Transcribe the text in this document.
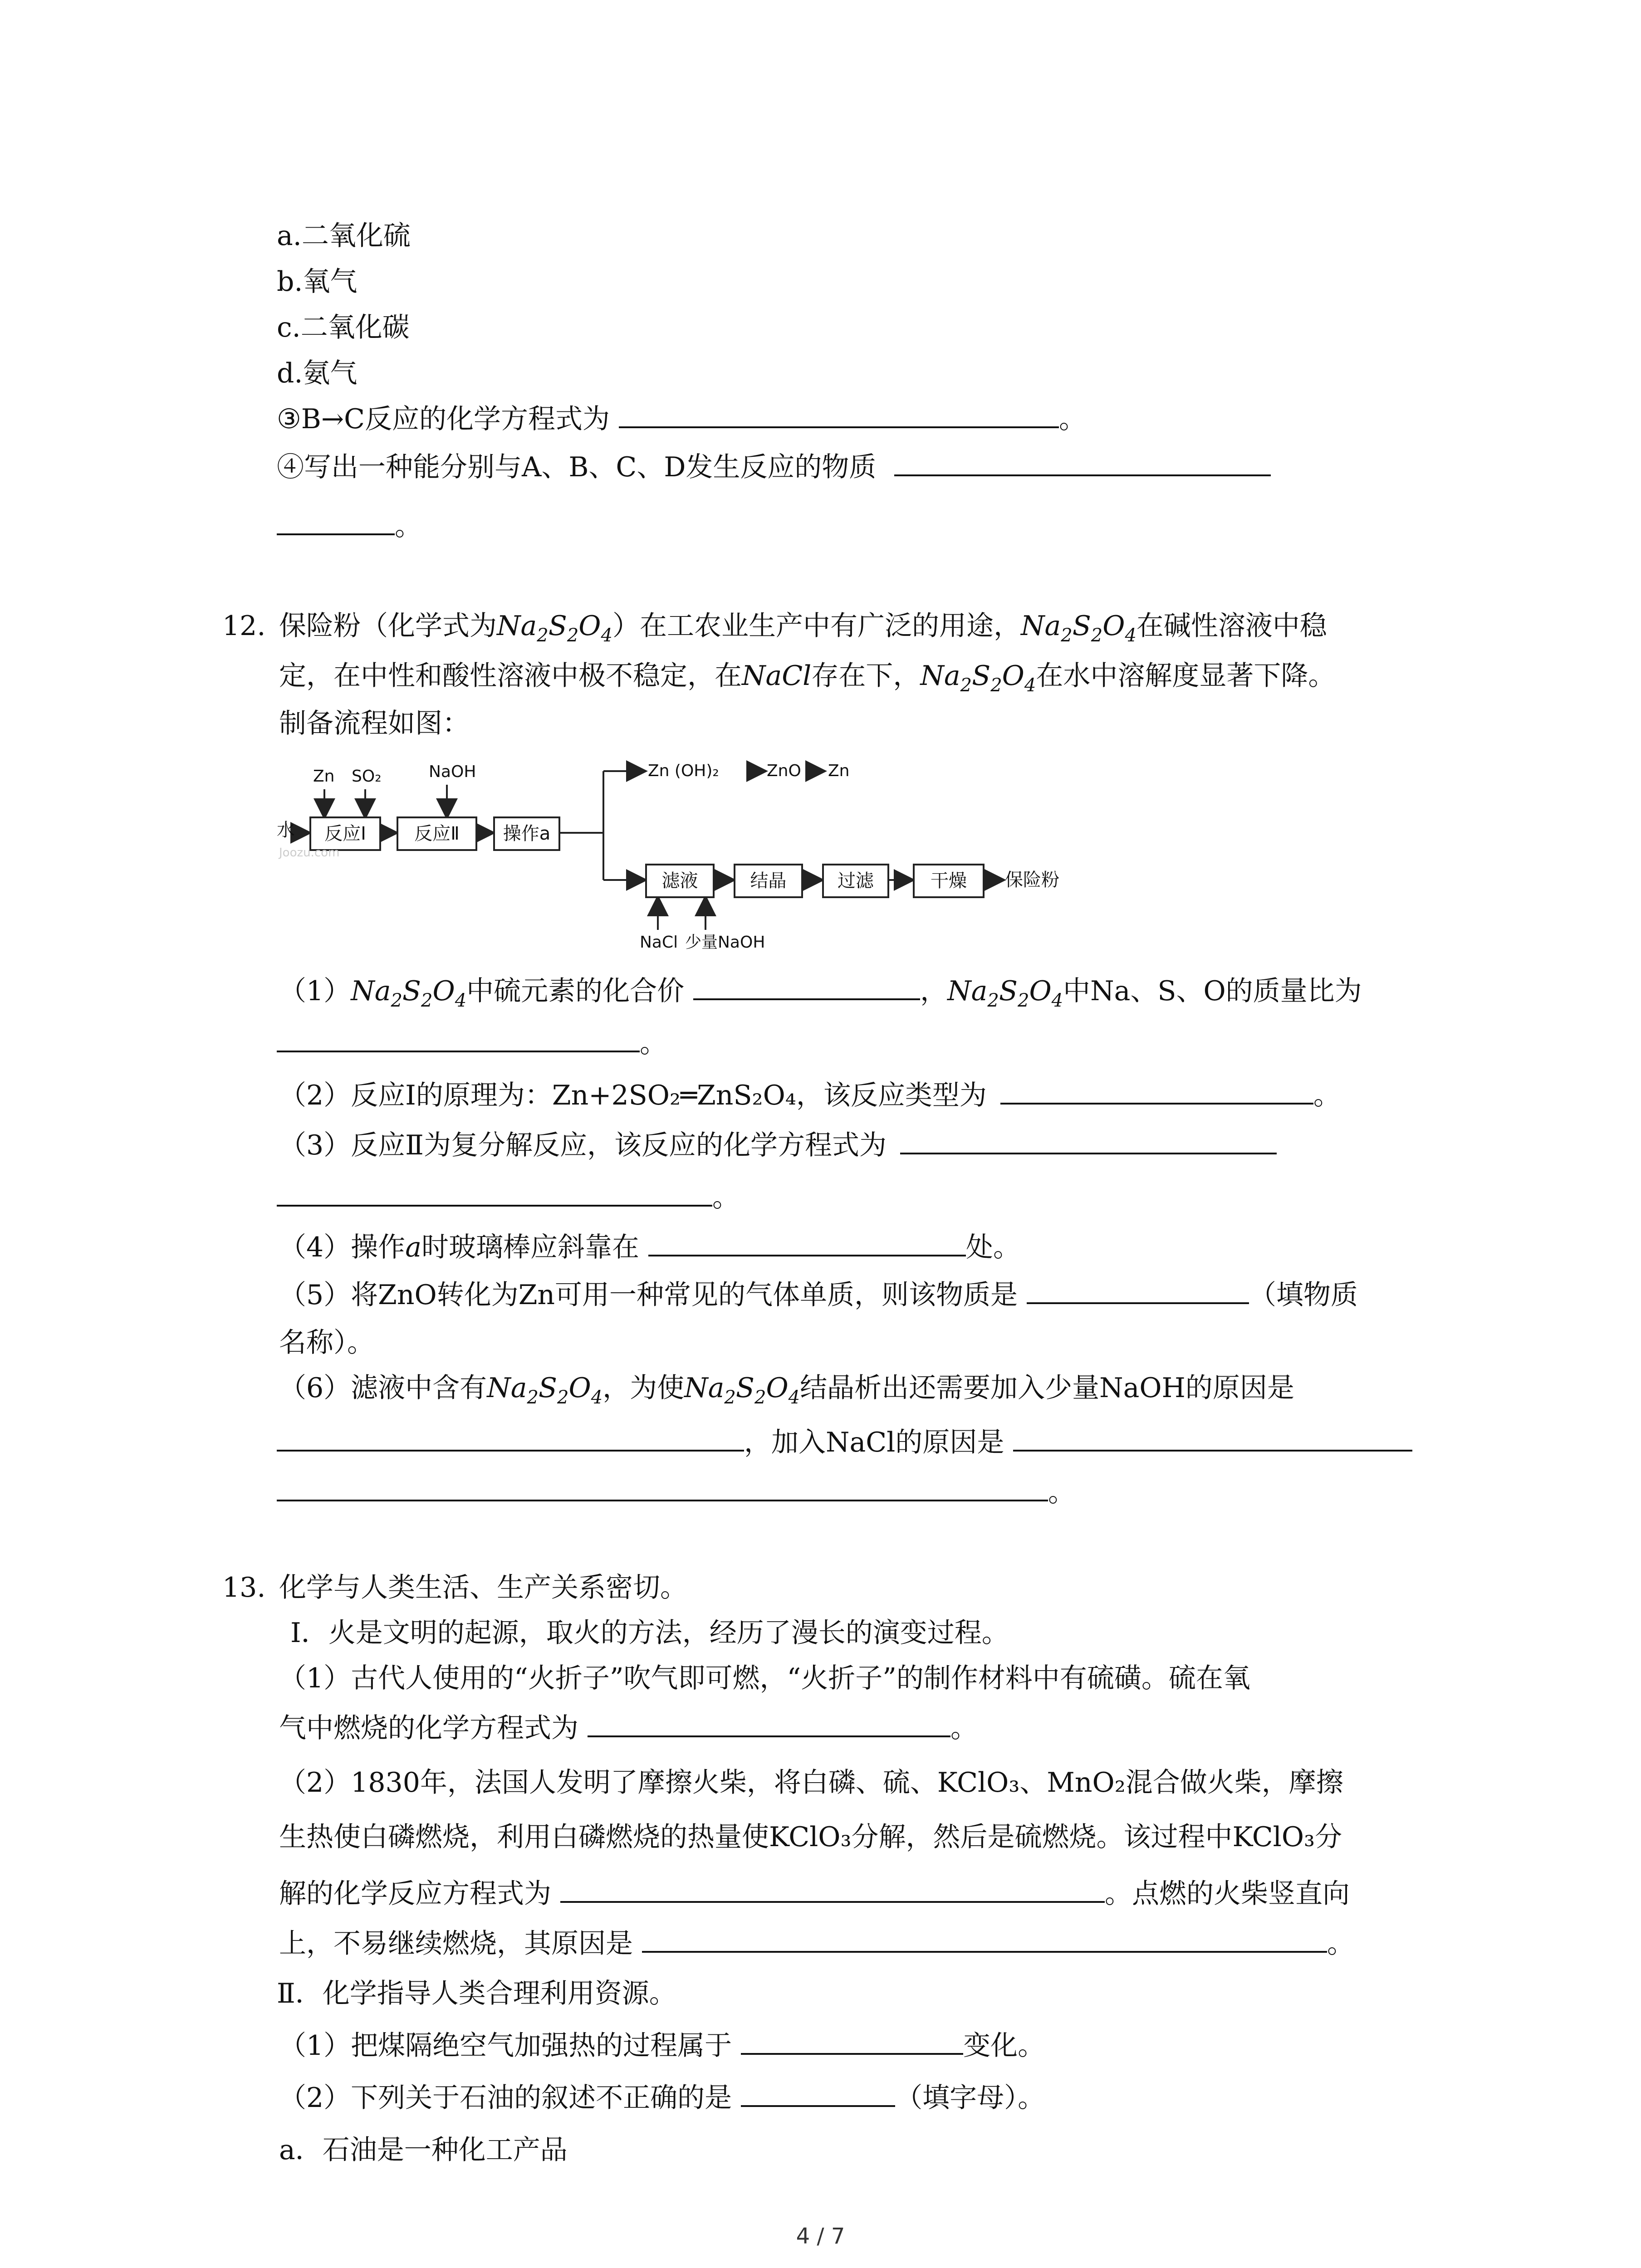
a.二氧化硫
b.氧气
c.二氧化碳
d.氨气
③B→C反应的化学方程式为	。
④写出一种能分别与A、B、C、D发生反应的物质
。
12. 保险粉（化学式为$Na_2S_2O_4$）在工农业生产中有广泛的用途，$Na_2S_2O_4$在碱性溶液中稳
定，在中性和酸性溶液中极不稳定，在NaCl存在下，$Na_2S_2O_4$在水中溶解度显著下降。
制备流程如图：
Zn SO₂	NaOH
水	反应Ⅰ	反应Ⅱ	操作a
Zn (OH)₂	ZnO Zn
滤液	结晶	过滤	干燥	保险粉
NaCl 少量NaOH
Joozu.com
$(1)Na_2S_2O_4$中硫元素的化合价	，$Na_2S_2O_4$中Na、S、O的质量比为
。
（2）反应Ⅰ的原理为：Zn+2SO₂═ZnS₂O₄，该反应类型为	。
（3）反应Ⅱ为复分解反应，该反应的化学方程式为
。
（4）操作a时玻璃棒应斜靠在	处。
（5）将ZnO转化为Zn可用一种常见的气体单质，则该物质是	（填物质
名称）。
（6）滤液中含有$Na_2S_2O_4$，为使$Na_2S_2O_4$结晶析出还需要加入少量NaOH的原因是
，加入NaCl的原因是
。
13. 化学与人类生活、生产关系密切。
Ⅰ．火是文明的起源，取火的方法，经历了漫长的演变过程。
（1）古代人使用的“火折子”吹气即可燃，“火折子”的制作材料中有硫磺。硫在氧
气中燃烧的化学方程式为	。
（2）1830年，法国人发明了摩擦火柴，将白磷、硫、KClO₃、MnO₂混合做火柴，摩擦
生热使白磷燃烧，利用白磷燃烧的热量使KClO₃分解，然后是硫燃烧。该过程中KClO₃分
解的化学反应方程式为	。点燃的火柴竖直向
上，不易继续燃烧，其原因是	。
Ⅱ．化学指导人类合理利用资源。
（1）把煤隔绝空气加强热的过程属于	变化。
（2）下列关于石油的叙述不正确的是	（填字母）。
a．石油是一种化工产品
4 / 7
